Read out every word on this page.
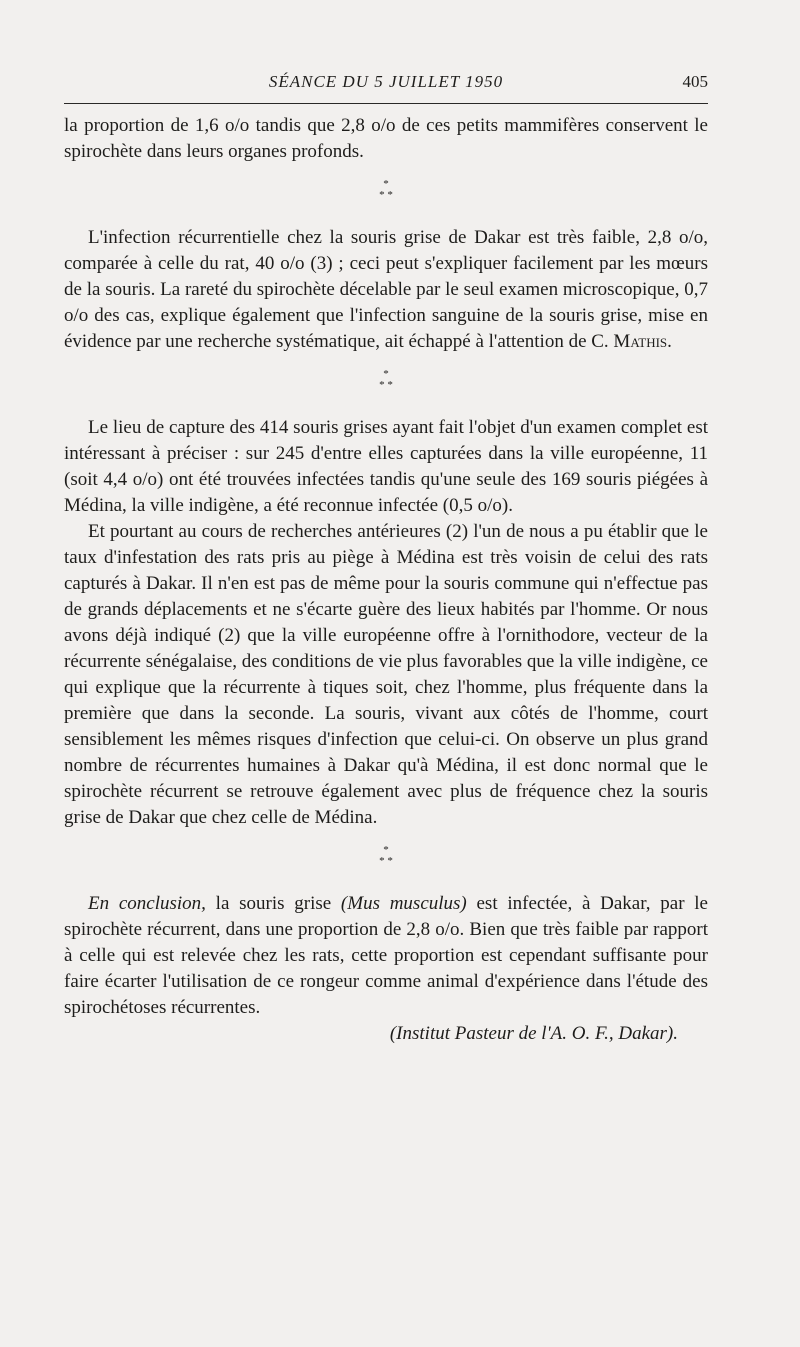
SÉANCE DU 5 JUILLET 1950	405

la proportion de 1,6 o/o tandis que 2,8 o/o de ces petits mammifères conservent le spirochète dans leurs organes profonds.

*
* *

L'infection récurrentielle chez la souris grise de Dakar est très faible, 2,8 o/o, comparée à celle du rat, 40 o/o (3) ; ceci peut s'expliquer facilement par les mœurs de la souris. La rareté du spirochète décelable par le seul examen microscopique, 0,7 o/o des cas, explique également que l'infection sanguine de la souris grise, mise en évidence par une recherche systématique, ait échappé à l'attention de C. Mathis.

*
* *

Le lieu de capture des 414 souris grises ayant fait l'objet d'un examen complet est intéressant à préciser : sur 245 d'entre elles capturées dans la ville européenne, 11 (soit 4,4 o/o) ont été trouvées infectées tandis qu'une seule des 169 souris piégées à Médina, la ville indigène, a été reconnue infectée (0,5 o/o).

Et pourtant au cours de recherches antérieures (2) l'un de nous a pu établir que le taux d'infestation des rats pris au piège à Médina est très voisin de celui des rats capturés à Dakar. Il n'en est pas de même pour la souris commune qui n'effectue pas de grands déplacements et ne s'écarte guère des lieux habités par l'homme. Or nous avons déjà indiqué (2) que la ville européenne offre à l'ornithodore, vecteur de la récurrente sénégalaise, des conditions de vie plus favorables que la ville indigène, ce qui explique que la récurrente à tiques soit, chez l'homme, plus fréquente dans la première que dans la seconde. La souris, vivant aux côtés de l'homme, court sensiblement les mêmes risques d'infection que celui-ci. On observe un plus grand nombre de récurrentes humaines à Dakar qu'à Médina, il est donc normal que le spirochète récurrent se retrouve également avec plus de fréquence chez la souris grise de Dakar que chez celle de Médina.

*
* *

En conclusion, la souris grise (Mus musculus) est infectée, à Dakar, par le spirochète récurrent, dans une proportion de 2,8 o/o. Bien que très faible par rapport à celle qui est relevée chez les rats, cette proportion est cependant suffisante pour faire écarter l'utilisation de ce rongeur comme animal d'expérience dans l'étude des spirochétoses récurrentes.

(Institut Pasteur de l'A. O. F., Dakar).
